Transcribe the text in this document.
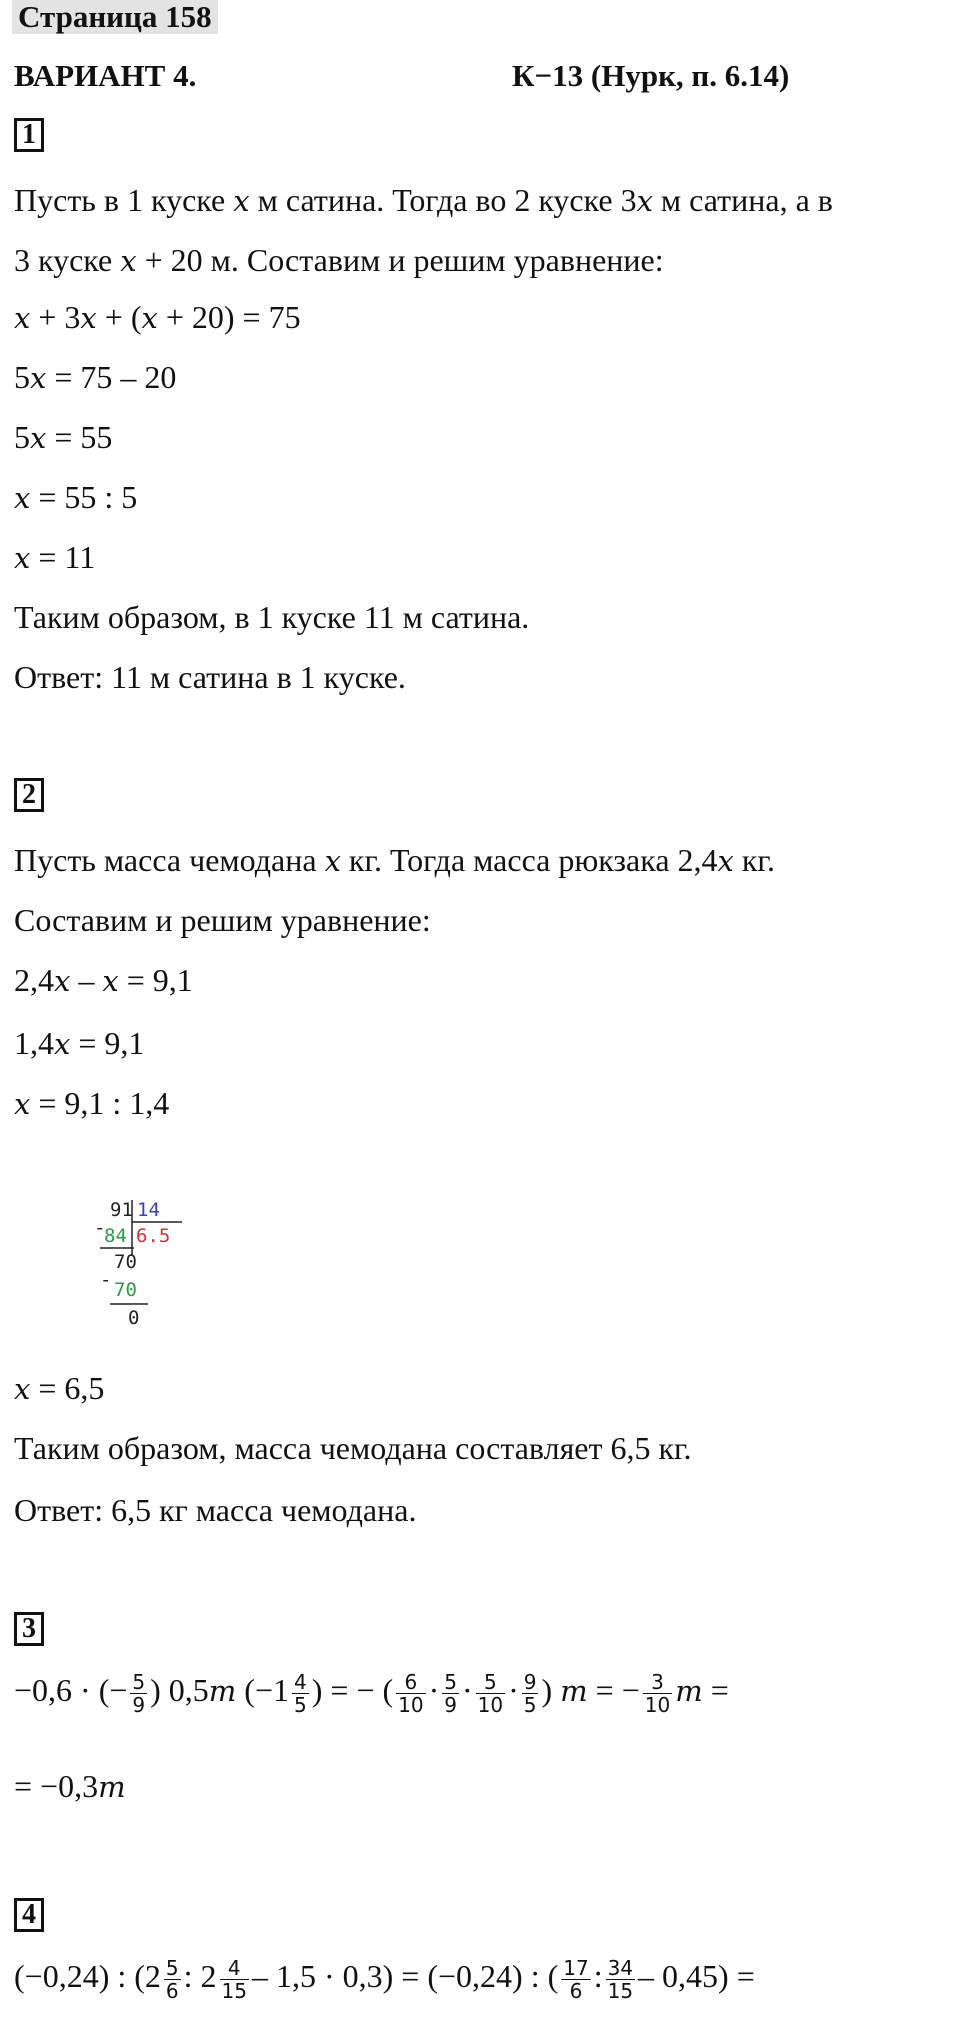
Страница 158
ВАРИАНТ 4.	К−13 (Нурк, п. 6.14)
1
Пусть в 1 куске x м сатина. Тогда во 2 куске 3x м сатина, а в
3 куске x + 20 м. Составим и решим уравнение:
x + 3x + (x + 20) = 75
5x = 75 – 20
5x = 55
x = 55 : 5
x = 11
Таким образом, в 1 куске 11 м сатина.
Ответ: 11 м сатина в 1 куске.
2
Пусть масса чемодана x кг. Тогда масса рюкзака 2,4x кг.
Составим и решим уравнение:
2,4x – x = 9,1
1,4x = 9,1
x = 9,1 : 1,4
91 14
-
84 6.5
70
- 70
0
x = 6,5
Таким образом, масса чемодана составляет 6,5 кг.
Ответ: 6,5 кг масса чемодана.
3
−0,6 · (− $\frac{5}{9}$ ) 0,5m ($-1 \frac{4}{5}$ ) = − ( $\frac{6}{10} \cdot \frac{5}{9} \cdot \frac{5}{10} \cdot \frac{9}{5}$ ) m = − $\frac{3}{10}$ m =
= −0,3m
4
(−0,24) : ($2 \frac{5}{6}$ : $2 \frac{4}{15} - 1,5 \cdot 0,3) = (-0,24)$ : ( $\frac{17}{6}$ : $\frac{34}{15} - 0,45$) =
